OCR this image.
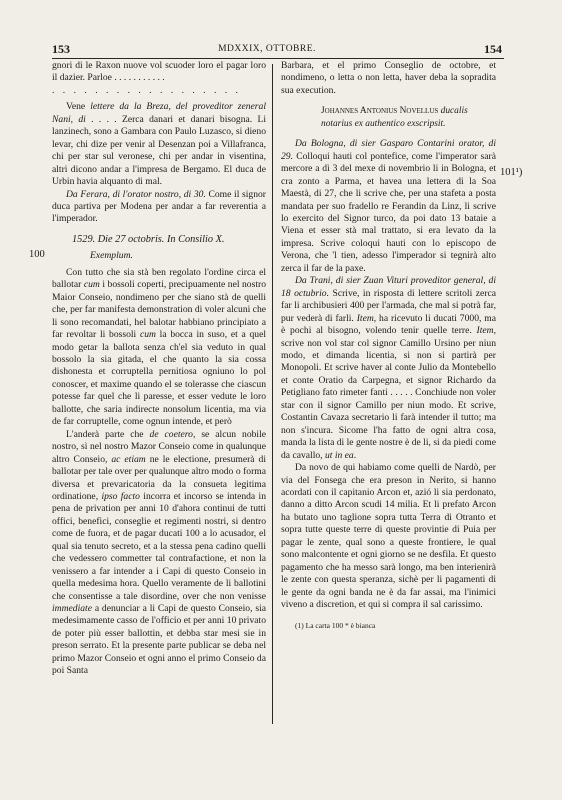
153	MDXXIX, OTTOBRE.	154
100
101¹)

gnori di le Raxon nuove vol scuoder loro el pagar loro il dazier. Parloe . . . . . . . . . . .

. . . . . . . . . . . . . . . . . .

Vene lettere da la Breza, del proveditor zeneral Nani, di . . . . Zerca danari et danari bisogna. Li lanzinech, sono a Gambara con Paulo Luzasco, si dieno levar, chi dize per venir al Desenzan poi a Villafranca, chi per star sul veronese, chi per andar in visentina, altri dicono andar a l'impresa de Bergamo. El duca de Urbin havia alquanto di mal.

Da Ferara, di l'orator nostro, di 30. Come il signor duca partiva per Modena per andar a far reverentia a l'imperador.

1529. Die 27 octobris. In Consilio X.

Exemplum.

Con tutto che sia stà ben regolato l'ordine circa el ballotar cum i bossoli coperti, precipuamente nel nostro Maior Conseio, nondimeno per che siano stà de quelli che, per far manifesta demonstration di voler alcuni che li sono recomandati, hel balotar habbiano principiato a far revoltar li bossoli cum la bocca in suso, et a quel modo getar la ballota senza ch'el sia veduto in qual bossolo la sia gitada, el che quanto la sia cossa dishonesta et corruptella pernitiosa ogniuno lo pol conoscer, et maxime quando el se tolerasse che ciascun potesse far quel che li paresse, et esser vedute le loro ballotte, che saria indirecte nonsolum licentia, ma via de far corruptelle, come ognun intende, et però

L'anderà parte che de coetero, se alcun nobile nostro, sì nel nostro Mazor Conseio come in qualunque altro Conseio, ac etiam ne le electione, presumerà di ballotar per tale over per qualunque altro modo o forma diversa et prevaricatoria da la consueta legitima ordinatione, ipso facto incorra et incorso se intenda in pena de privation per anni 10 d'ahora continui de tutti offici, benefici, conseglie et regimenti nostri, si dentro come de fuora, et de pagar ducati 100 a lo acusador, el qual sia tenuto secreto, et a la stessa pena cadino quelli che vedessero commetter tal contrafactione, et non la venissero a far intender a i Capi di questo Conseio in quella medesima hora. Quello veramente de li ballotini che consentisse a tale disordine, over che non venisse immediate a denunciar a li Capi de questo Conseio, sia medesimamente casso de l'officio et per anni 10 privato de poter più esser ballottin, et debba star mesi sie in preson serrato. Et la presente parte publicar se deba nel primo Mazor Conseio et ogni anno el primo Conseio da poi Santa

Barbara, et el primo Conseglio de octobre, et nondimeno, o letta o non letta, haver deba la sopradita sua execution.

Johannes Antonius Novellus ducalis notarius ex authentico exscripsit.

Da Bologna, di sier Gasparo Contarini orator, di 29. Colloqui hauti col pontefice, come l'imperator sarà mercore a dì 3 del mexe di novembrio li in Bologna, et cra zonto a Parma, et havea una lettera di la Soa Maestà, di 27, che li scrive che, per una stafeta a posta mandata per suo fradello re Ferandin da Linz, li scrive lo exercito del Signor turco, da poi dato 13 bataie a Viena et esser stà mal trattato, si era levato da la impresa. Scrive coloqui hauti con lo episcopo de Verona, che 'l tien, adesso l'imperador si tegnirà alto zerca il far de la paxe.

Da Trani, di sier Zuan Vituri proveditor general, di 18 octubrio. Scrive, in risposta di lettere scritoli zerca far li archibusieri 400 per l'armada, che mal si potrà far, pur vederà di farli. Item, ha ricevuto li ducati 7000, ma è pochi al bisogno, volendo tenir quelle terre. Item, scrive non vol star col signor Camillo Ursino per niun modo, et dimanda licentia, si non si partirà per Monopoli. Et scrive haver al conte Julio da Montebello et conte Oratio da Carpegna, et signor Richardo da Petigliano fato rimeter fanti . . . . . Conchiude non voler star con il signor Camillo per niun modo. Et scrive, Costantin Cavaza secretario li farà intender il tutto; ma non s'incura. Sicome l'ha fatto de ogni altra cosa, manda la lista di le gente nostre è de li, si da piedi come da cavallo, ut in ea.

Da novo de qui habiamo come quelli de Nardò, per via del Fonsega che era preson in Nerito, si hanno acordati con il capitanio Arcon et, azió li sia perdonato, danno a ditto Arcon scudi 14 milia. Et li prefato Arcon ha butato uno taglione sopra tutta Terra di Otranto et sopra tutte queste terre di queste provintie di Puia per pagar le zente, qual sono a queste frontiere, le qual sono malcontente et ogni giorno se ne desfila. Et questo pagamento che ha messo sarà longo, ma ben interienirà le zente con questa speranza, sichè per li pagamenti di le gente da ogni banda ne è da far assai, ma l'inimici viveno a discretion, et qui si compra il sal carissimo.

(1) La carta 100 * è bianca
